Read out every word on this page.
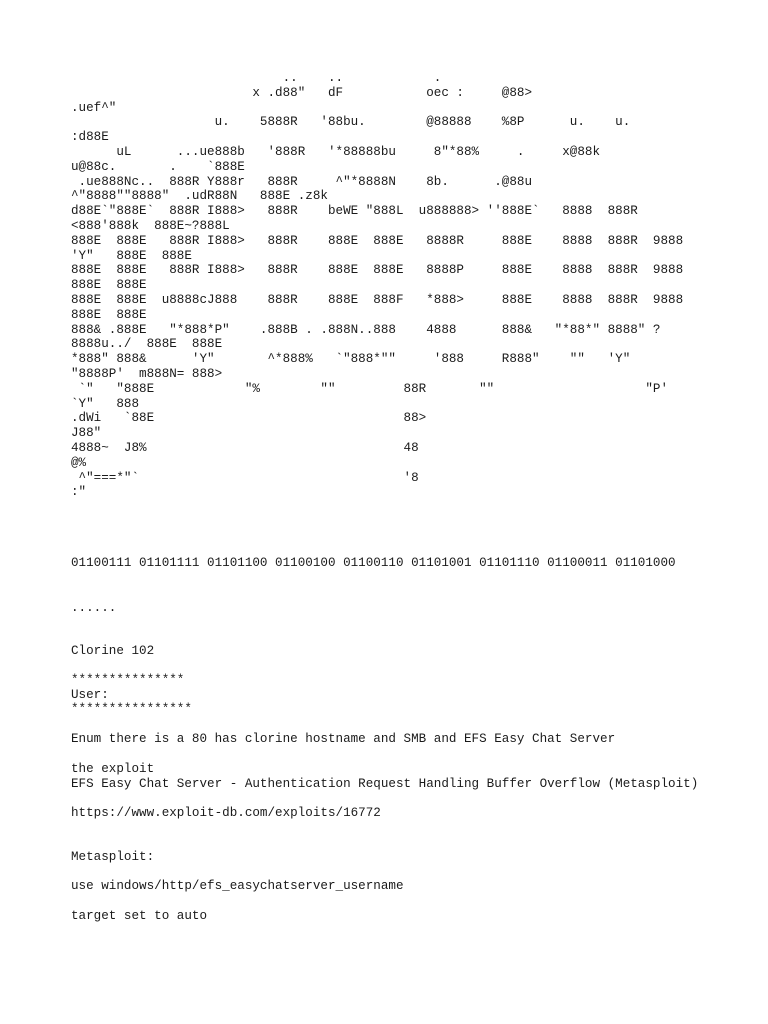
..    ..            .
x .d88"   dF           oec :     @88>
.uef^"
u.    5888R   '88bu.        @88888    %8P      u.    u.
:d88E
uL      ...ue888b   '888R   '*88888bu     8"*88%     .     x@88k
u@88c.       .    `888E
.ue888Nc..  888R Y888r   888R     ^"*8888N    8b.      .@88u
^"8888""8888"  .udR88N   888E .z8k
d88E`"888E`  888R I888>   888R    beWE "888L  u888888> ''888E`   8888  888R
<888'888k  888E~?888L
888E  888E   888R I888>   888R    888E  888E   8888R     888E    8888  888R  9888
'Y"   888E  888E
888E  888E   888R I888>   888R    888E  888E   8888P     888E    8888  888R  9888
888E  888E
888E  888E  u8888cJ888    888R    888E  888F   *888>     888E    8888  888R  9888
888E  888E
888& .888E   "*888*P"    .888B . .888N..888    4888      888&   "*88*" 8888" ?
8888u../  888E  888E
*888" 888&      'Y"       ^*888%   `"888*""     '888     R888"    ""   'Y"
"8888P'  m888N= 888>
`"   "888E            "%        ""         88R       ""                    "P'
`Y"   888
.dWi   `88E                                 88>
J88"
4888~  J8%                                  48
@%
^"===*"`                                   '8
:"
01100111 01101111 01101100 01100100 01100110 01101001 01101110 01100011 01101000
......
Clorine 102
***************
User:
****************
Enum there is a 80 has clorine hostname and SMB and EFS Easy Chat Server
the exploit
EFS Easy Chat Server - Authentication Request Handling Buffer Overflow (Metasploit)
https://www.exploit-db.com/exploits/16772
Metasploit:
use windows/http/efs_easychatserver_username
target set to auto
